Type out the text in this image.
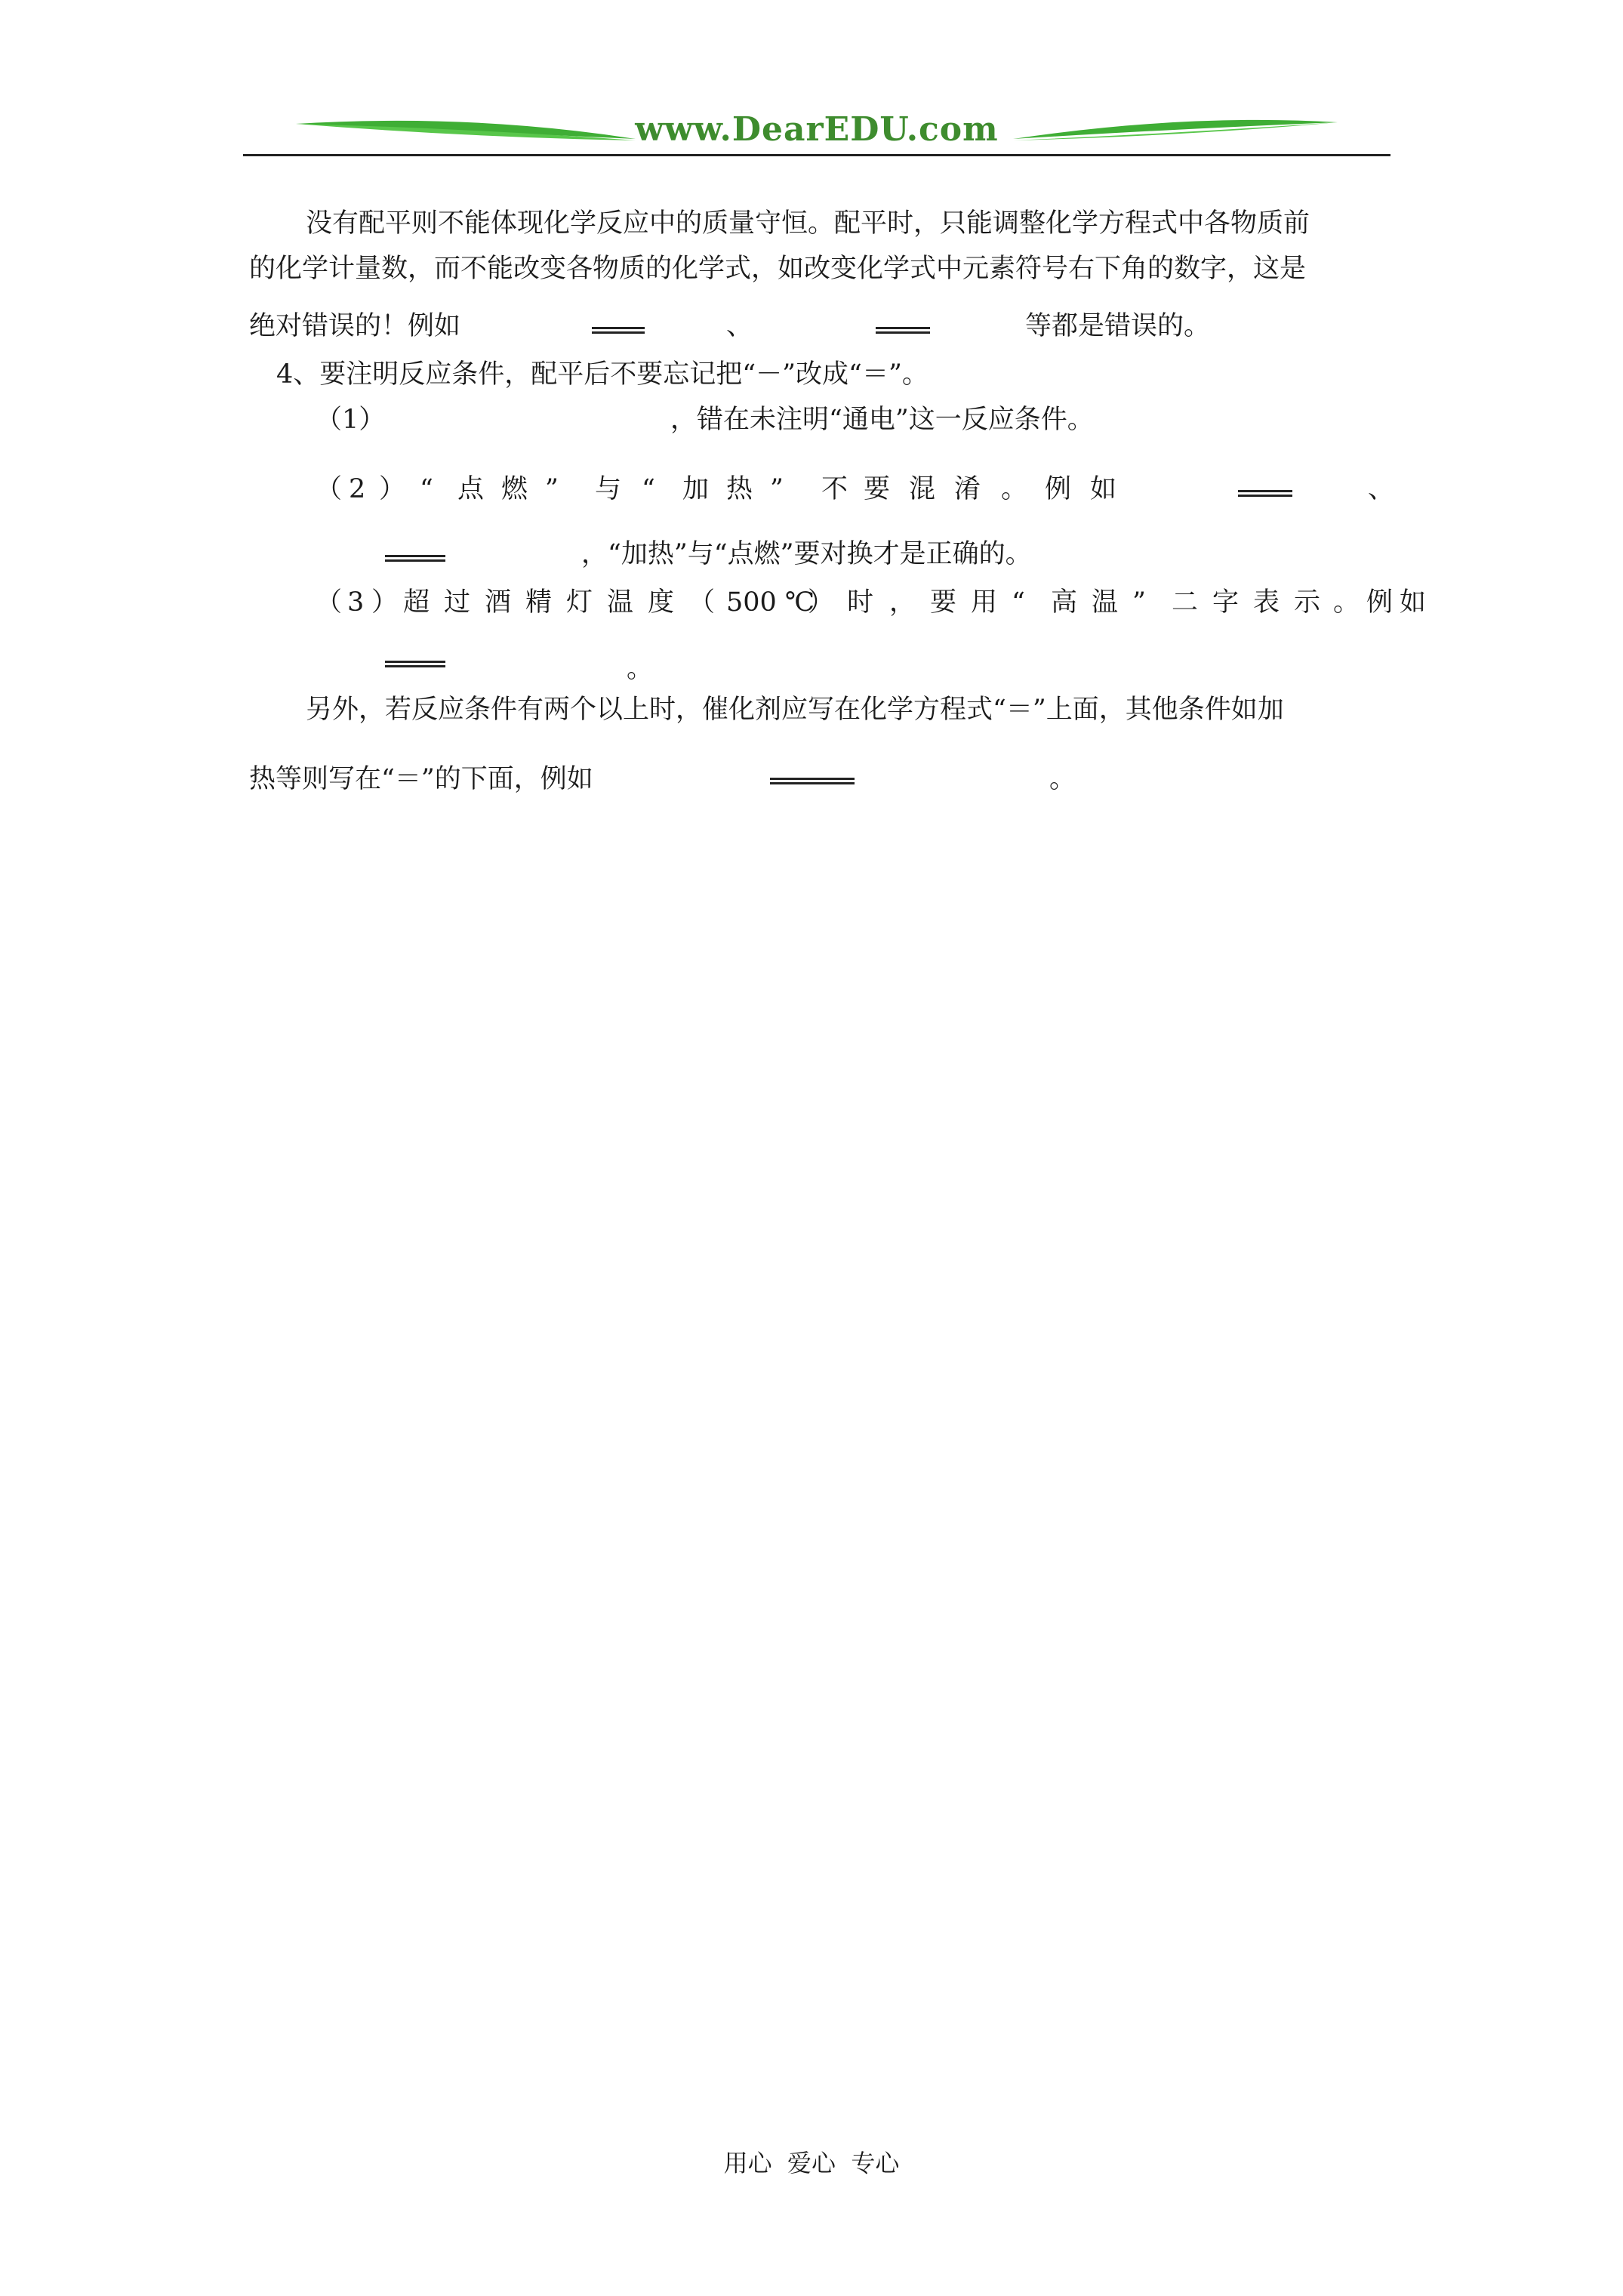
www.DearEDU.com
没有配平则不能体现化学反应中的质量守恒。配平时，只能调整化学方程式中各物质前
的化学计量数，而不能改变各物质的化学式，如改变化学式中元素符号右下角的数字，这是
绝对错误的！例如	、	等都是错误的。
4、要注明反应条件，配平后不要忘记把“－”改成“＝”。
（1）	，错在未注明“通电”这一反应条件。
（ 2 ） “ 点 燃 ” 与 “ 加 热 ” 不 要 混 淆 。 例 如	、
，“加热”与“点燃”要对换才是正确的。
（ 3 ） 超 过 酒 精 灯 温 度 （ 500 ℃
） 时 ， 要 用 “ 高 温 ” 二 字 表 示 。 例 如
。
另外，若反应条件有两个以上时，催化剂应写在化学方程式“＝”上面，其他条件如加
热等则写在“＝”的下面，例如	。
用心  爱心  专心
